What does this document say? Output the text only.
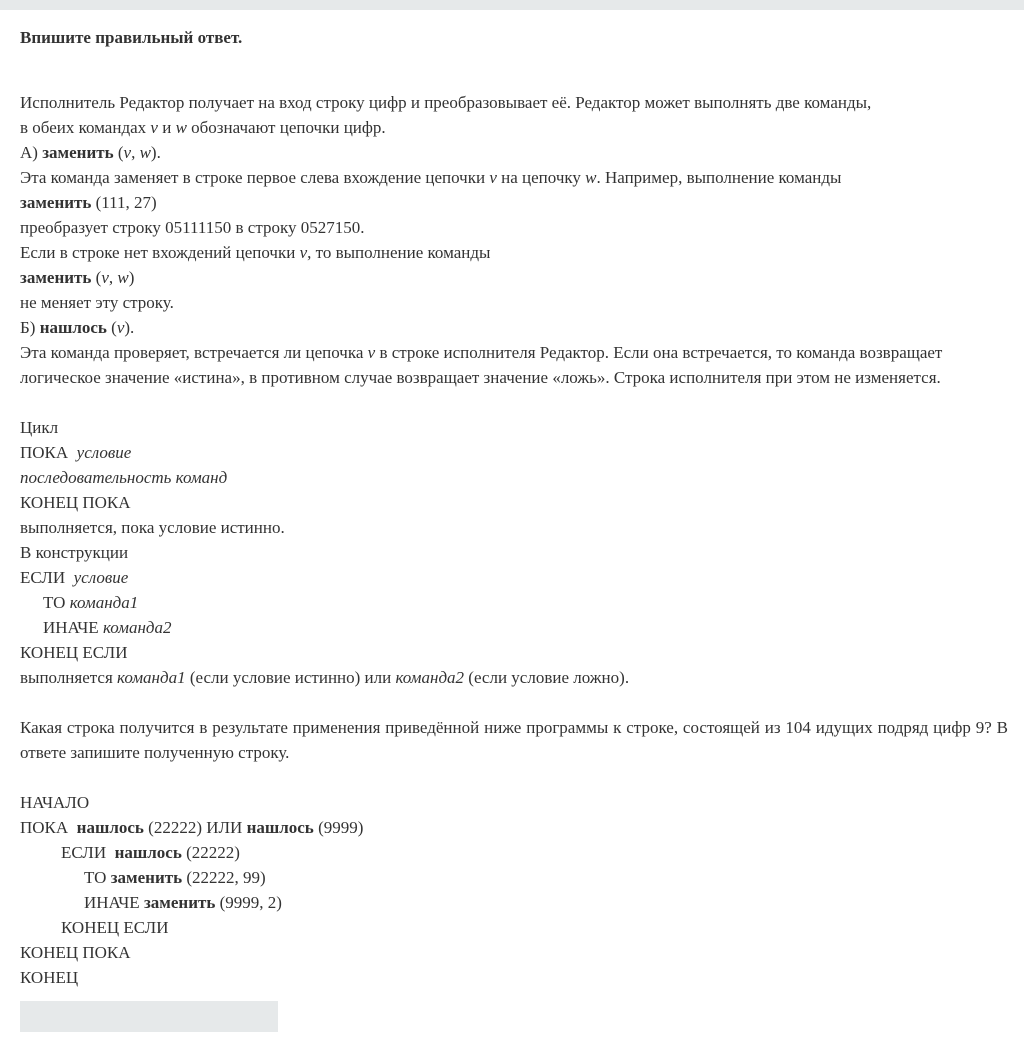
Впишите правильный ответ.
Исполнитель Редактор получает на вход строку цифр и преобразовывает её. Редактор может выполнять две команды,
в обеих командах v и w обозначают цепочки цифр.
А) заменить (v, w).
Эта команда заменяет в строке первое слева вхождение цепочки v на цепочку w. Например, выполнение команды
заменить (111, 27)
преобразует строку 05111150 в строку 0527150.
Если в строке нет вхождений цепочки v, то выполнение команды
заменить (v, w)
не меняет эту строку.
Б) нашлось (v).
Эта команда проверяет, встречается ли цепочка v в строке исполнителя Редактор. Если она встречается, то команда возвращает логическое значение «истина», в противном случае возвращает значение «ложь». Строка исполнителя при этом не изменяется.
Цикл
ПОКА условие
последовательность команд
КОНЕЦ ПОКА
выполняется, пока условие истинно.
В конструкции
ЕСЛИ условие
ТО команда1
ИНАЧЕ команда2
КОНЕЦ ЕСЛИ
выполняется команда1 (если условие истинно) или команда2 (если условие ложно).
Какая строка получится в результате применения приведённой ниже программы к строке, состоящей из 104 идущих подряд цифр 9? В ответе запишите полученную строку.
НАЧАЛО
ПОКА нашлось (22222) ИЛИ нашлось (9999)
ЕСЛИ нашлось (22222)
ТО заменить (22222, 99)
ИНАЧЕ заменить (9999, 2)
КОНЕЦ ЕСЛИ
КОНЕЦ ПОКА
КОНЕЦ
